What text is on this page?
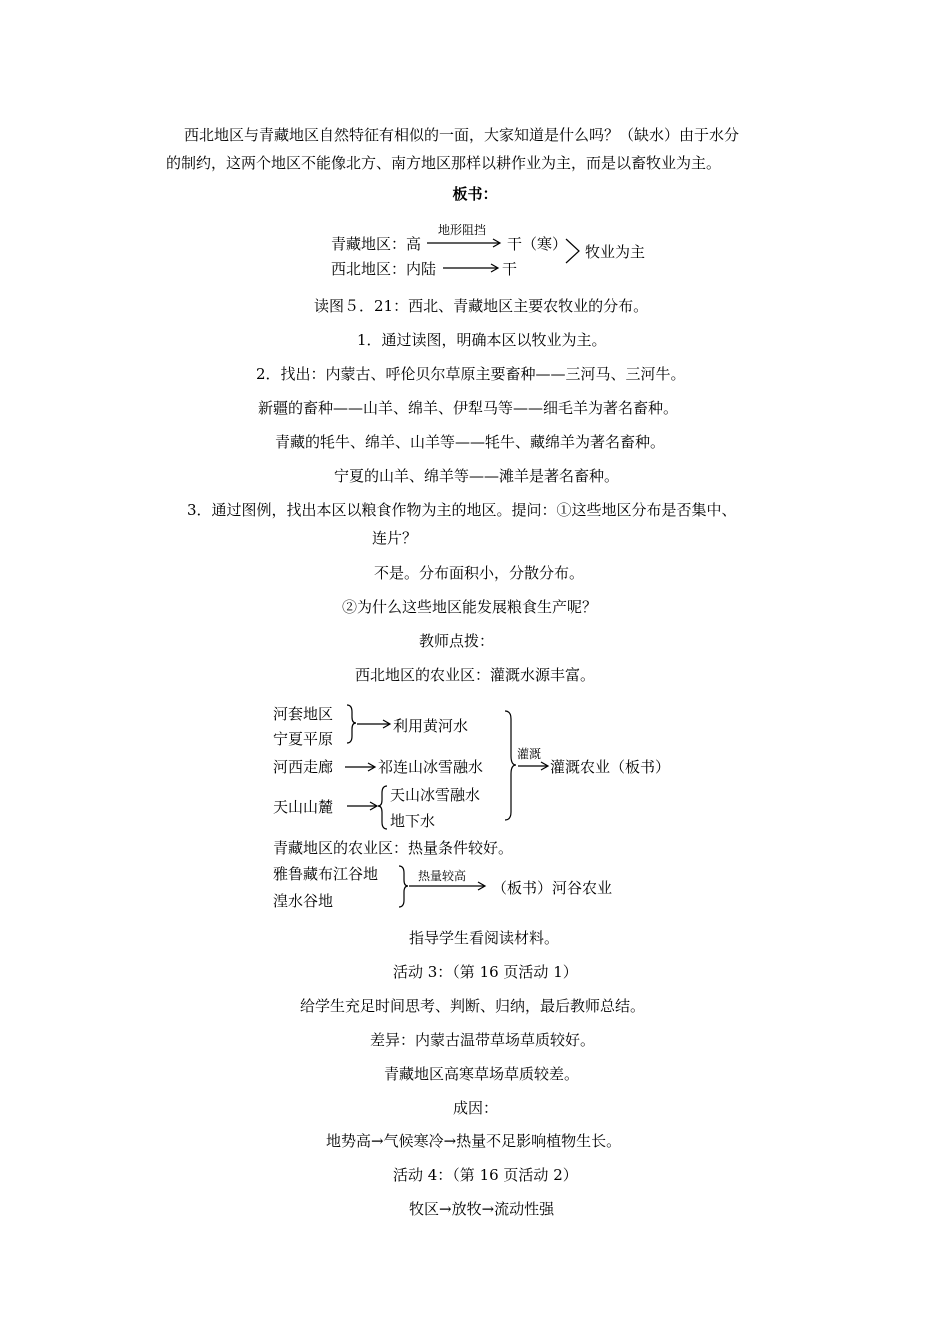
西北地区与青藏地区自然特征有相似的一面，大家知道是什么吗？（缺水）由于水分
的制约，这两个地区不能像北方、南方地区那样以耕作业为主，而是以畜牧业为主。
板书：
青藏地区：高
地形阻挡
干（寒）
西北地区：内陆	干
牧业为主
读图５．21：西北、青藏地区主要农牧业的分布。
1．通过读图，明确本区以牧业为主。
2．找出：内蒙古、呼伦贝尔草原主要畜种——三河马、三河牛。
新疆的畜种——山羊、绵羊、伊犁马等——细毛羊为著名畜种。
青藏的牦牛、绵羊、山羊等——牦牛、藏绵羊为著名畜种。
宁夏的山羊、绵羊等——滩羊是著名畜种。
3．通过图例，找出本区以粮食作物为主的地区。提问：①这些地区分布是否集中、
连片？
不是。分布面积小，分散分布。
②为什么这些地区能发展粮食生产呢？
教师点拨：
西北地区的农业区：灌溉水源丰富。
河套地区
宁夏平原
利用黄河水
河西走廊	祁连山冰雪融水
灌溉
灌溉农业（板书）
天山山麓
天山冰雪融水
地下水
青藏地区的农业区：热量条件较好。
雅鲁藏布江谷地
湟水谷地
热量较高
（板书）河谷农业
指导学生看阅读材料。
活动 3：（第 16 页活动 1）
给学生充足时间思考、判断、归纳，最后教师总结。
差异：内蒙古温带草场草质较好。
青藏地区高寒草场草质较差。
成因：
地势高→气候寒冷→热量不足影响植物生长。
活动 4：（第 16 页活动 2）
牧区→放牧→流动性强
